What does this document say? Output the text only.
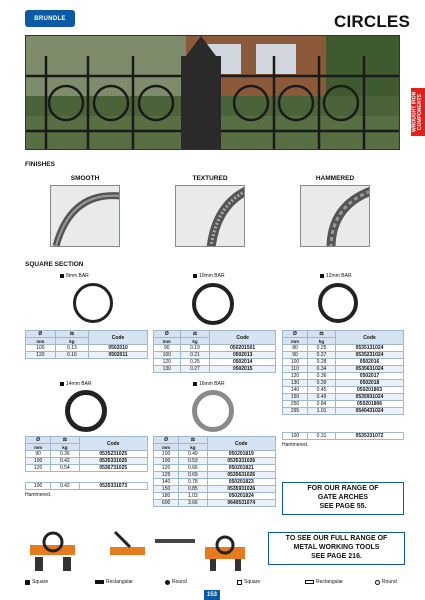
BRUNDLE	CIRCLES
WROUGHT IRON COMPONENTS
FINISHES
SMOOTH	TEXTURED	HAMMERED
SQUARE SECTION
8mm BAR
Ø	⚖	Code
mm	kg	
100	0.13	0502010
120	0.16	0502011
10mm BAR
Ø	⚖	Code
mm	kg	
90	0.19	050201501
100	0.21	0502013
120	0.25	0502014
130	0.27	0502015
12mm BAR
Ø	⚖	Code
mm	kg	
80	0.25	0535131024
90	0.27	0535231024
100	0.28	0502016
110	0.34	0535631024
120	0.36	0502017
130	0.39	0502018
140	0.45	050201803
150	0.49	0535931024
250	0.84	050201806
295	1.01	0540431024
100	0.31	0535331072
Hammered.
14mm BAR
Ø	⚖	Code
mm	kg	
90	0.36	0535231025
100	0.42	0535331025
120	0.54	0536731025
100	0.42	0535331073
Hammered.
16mm BAR
Ø	⚖	Code
mm	kg	
100	0.49	050201819
100	0.53	0535331026
120	0.66	050201821
125	0.69	0535631026
140	0.78	050201823
150	0.85	0535931026
180	1.03	050201824
600	3.66	0640531074
FOR OUR RANGE OF
GATE ARCHES
SEE PAGE 55.
TO SEE OUR FULL RANGE OF
METAL WORKING TOOLS
SEE PAGE 216.
Square	Rectangular	Round	Square	Rectangular	Round
153
